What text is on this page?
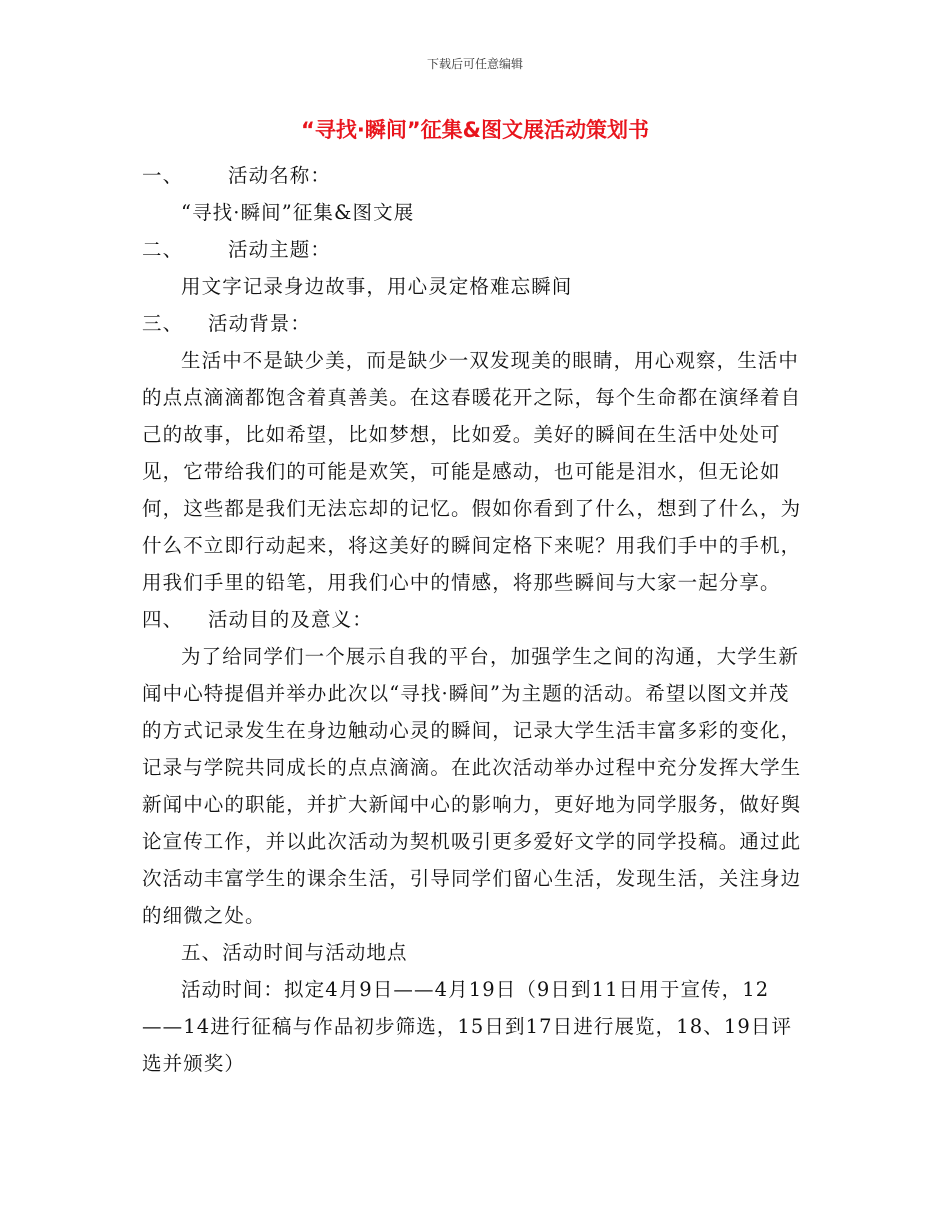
下载后可任意编辑
“寻找·瞬间”征集&图文展活动策划书

一、 活动名称：

“寻找·瞬间”征集&图文展

二、 活动主题：

用文字记录身边故事，用心灵定格难忘瞬间

三、 活动背景：

生活中不是缺少美，而是缺少一双发现美的眼睛，用心观察，生活中的点点滴滴都饱含着真善美。在这春暖花开之际，每个生命都在演绎着自己的故事，比如希望，比如梦想，比如爱。美好的瞬间在生活中处处可见，它带给我们的可能是欢笑，可能是感动，也可能是泪水，但无论如何，这些都是我们无法忘却的记忆。假如你看到了什么，想到了什么，为什么不立即行动起来，将这美好的瞬间定格下来呢？用我们手中的手机，用我们手里的铅笔，用我们心中的情感，将那些瞬间与大家一起分享。

四、 活动目的及意义：

为了给同学们一个展示自我的平台，加强学生之间的沟通，大学生新闻中心特提倡并举办此次以“寻找·瞬间”为主题的活动。希望以图文并茂的方式记录发生在身边触动心灵的瞬间，记录大学生活丰富多彩的变化，记录与学院共同成长的点点滴滴。在此次活动举办过程中充分发挥大学生新闻中心的职能，并扩大新闻中心的影响力，更好地为同学服务，做好舆论宣传工作，并以此次活动为契机吸引更多爱好文学的同学投稿。通过此次活动丰富学生的课余生活，引导同学们留心生活，发现生活，关注身边的细微之处。

五、活动时间与活动地点

活动时间：拟定4月9日——4月19日（9日到11日用于宣传，12——14进行征稿与作品初步筛选，15日到17日进行展览，18、19日评选并颁奖）
